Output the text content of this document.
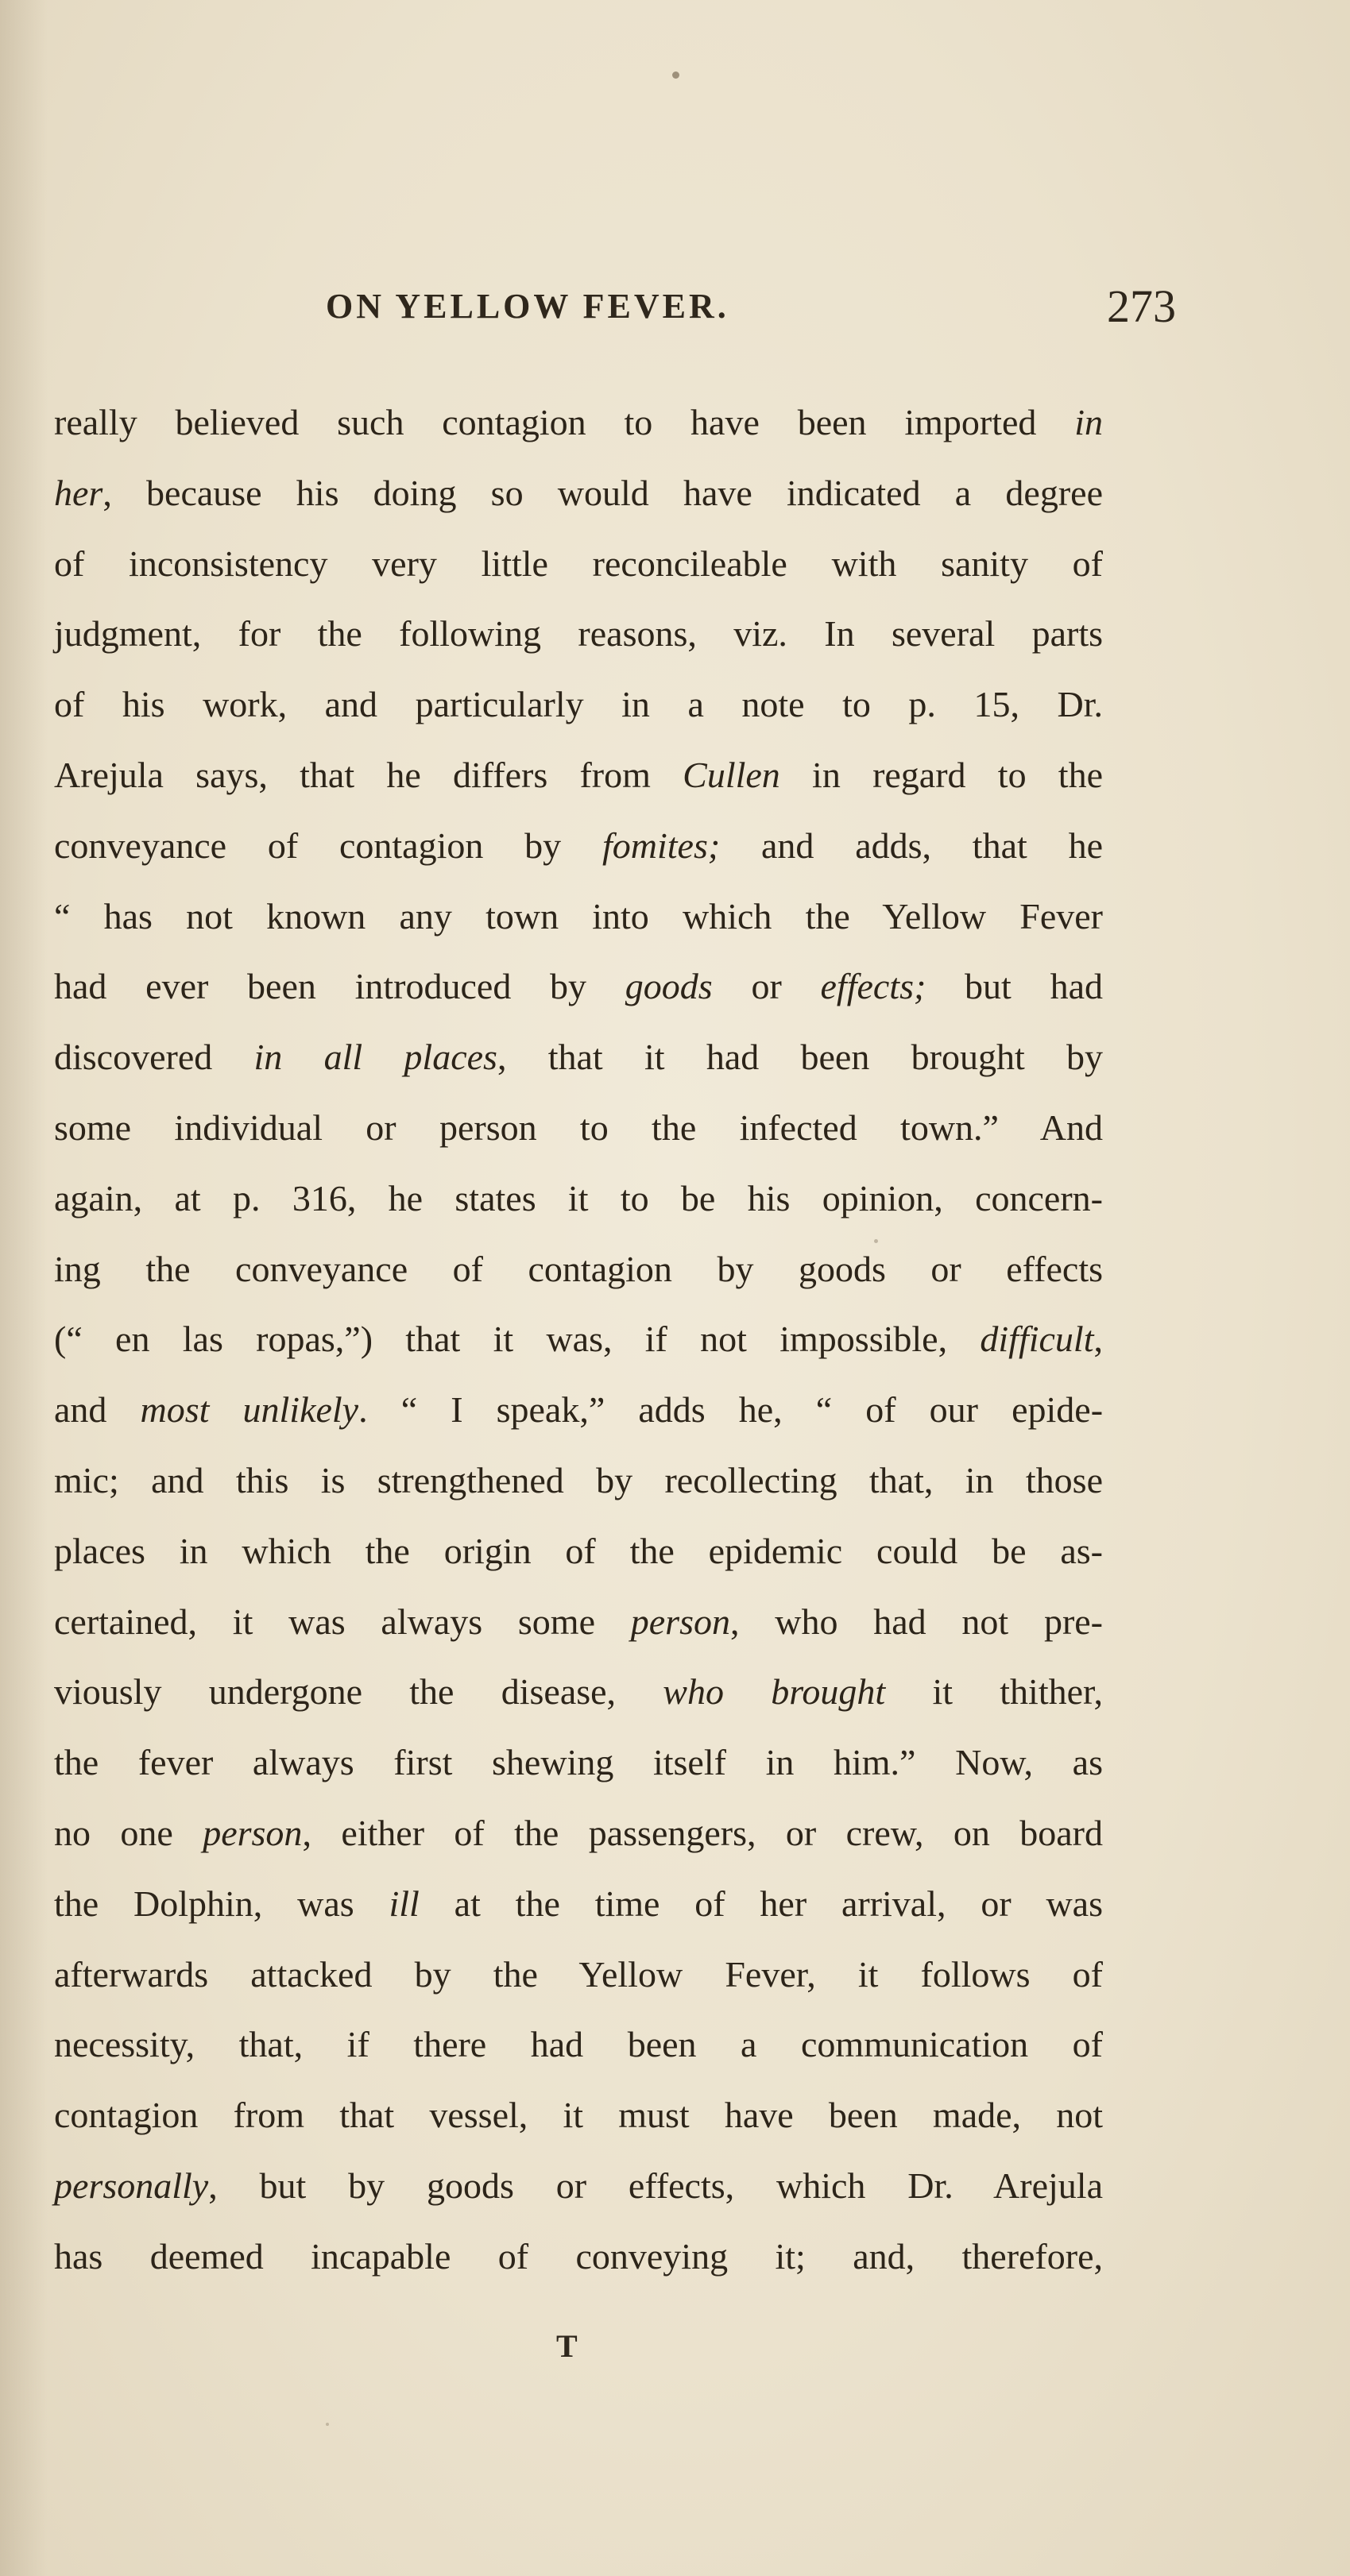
ON YELLOW FEVER.	273
really believed such contagion to have been imported in
her, because his doing so would have indicated a degree
of inconsistency very little reconcileable with sanity of
judgment, for the following reasons, viz. In several parts
of his work, and particularly in a note to p. 15, Dr.
Arejula says, that he differs from Cullen in regard to the
conveyance of contagion by fomites; and adds, that he
“ has not known any town into which the Yellow Fever
had ever been introduced by goods or effects; but had
discovered in all places, that it had been brought by
some individual or person to the infected town.” And
again, at p. 316, he states it to be his opinion, concern-
ing the conveyance of contagion by goods or effects
(“ en las ropas,”) that it was, if not impossible, difficult,
and most unlikely. “ I speak,” adds he, “ of our epide-
mic; and this is strengthened by recollecting that, in those
places in which the origin of the epidemic could be as-
certained, it was always some person, who had not pre-
viously undergone the disease, who brought it thither,
the fever always first shewing itself in him.” Now, as
no one person, either of the passengers, or crew, on board
the Dolphin, was ill at the time of her arrival, or was
afterwards attacked by the Yellow Fever, it follows of
necessity, that, if there had been a communication of
contagion from that vessel, it must have been made, not
personally, but by goods or effects, which Dr. Arejula
has deemed incapable of conveying it; and, therefore,
T
